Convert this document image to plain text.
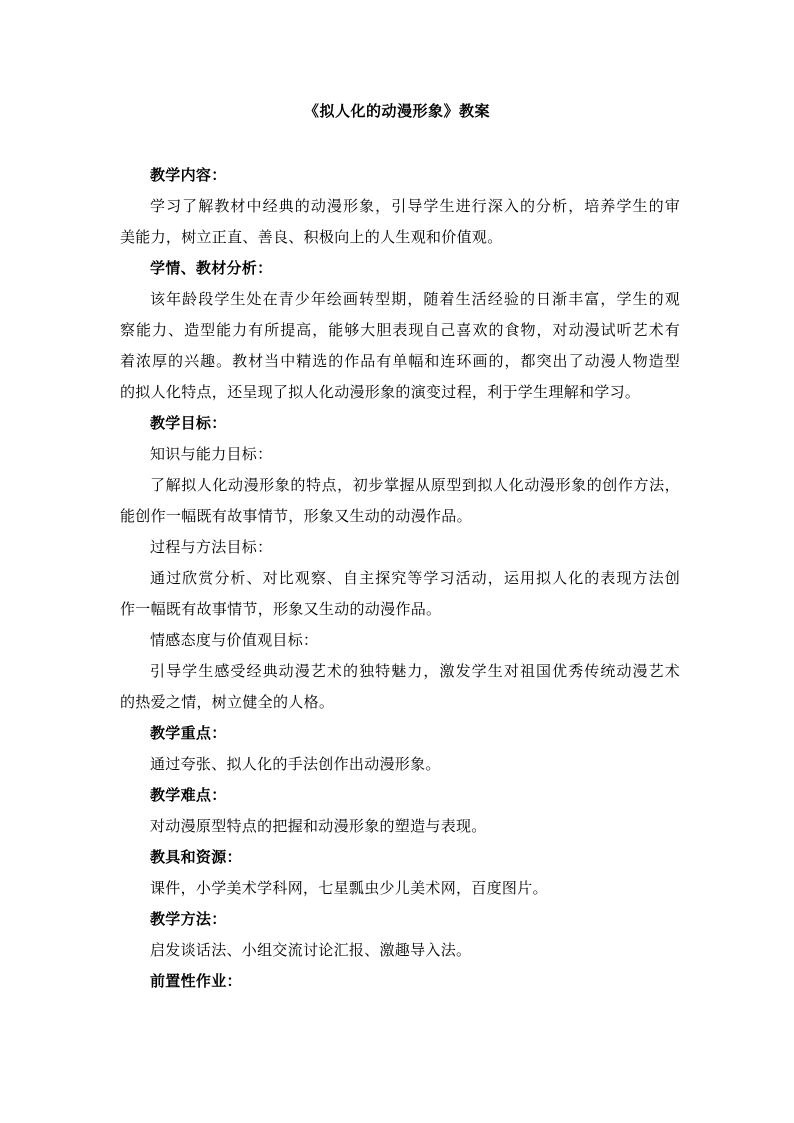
《拟人化的动漫形象》教案
教学内容：
学习了解教材中经典的动漫形象，引导学生进行深入的分析，培养学生的审
美能力，树立正直、善良、积极向上的人生观和价值观。
学情、教材分析：
该年龄段学生处在青少年绘画转型期，随着生活经验的日渐丰富，学生的观
察能力、造型能力有所提高，能够大胆表现自己喜欢的食物，对动漫试听艺术有
着浓厚的兴趣。教材当中精选的作品有单幅和连环画的，都突出了动漫人物造型
的拟人化特点，还呈现了拟人化动漫形象的演变过程，利于学生理解和学习。
教学目标：
知识与能力目标：
了解拟人化动漫形象的特点，初步掌握从原型到拟人化动漫形象的创作方法，
能创作一幅既有故事情节，形象又生动的动漫作品。
过程与方法目标：
通过欣赏分析、对比观察、自主探究等学习活动，运用拟人化的表现方法创
作一幅既有故事情节，形象又生动的动漫作品。
情感态度与价值观目标：
引导学生感受经典动漫艺术的独特魅力，激发学生对祖国优秀传统动漫艺术
的热爱之情，树立健全的人格。
教学重点：
通过夸张、拟人化的手法创作出动漫形象。
教学难点：
对动漫原型特点的把握和动漫形象的塑造与表现。
教具和资源：
课件，小学美术学科网，七星瓢虫少儿美术网，百度图片。
教学方法：
启发谈话法、小组交流讨论汇报、激趣导入法。
前置性作业：
